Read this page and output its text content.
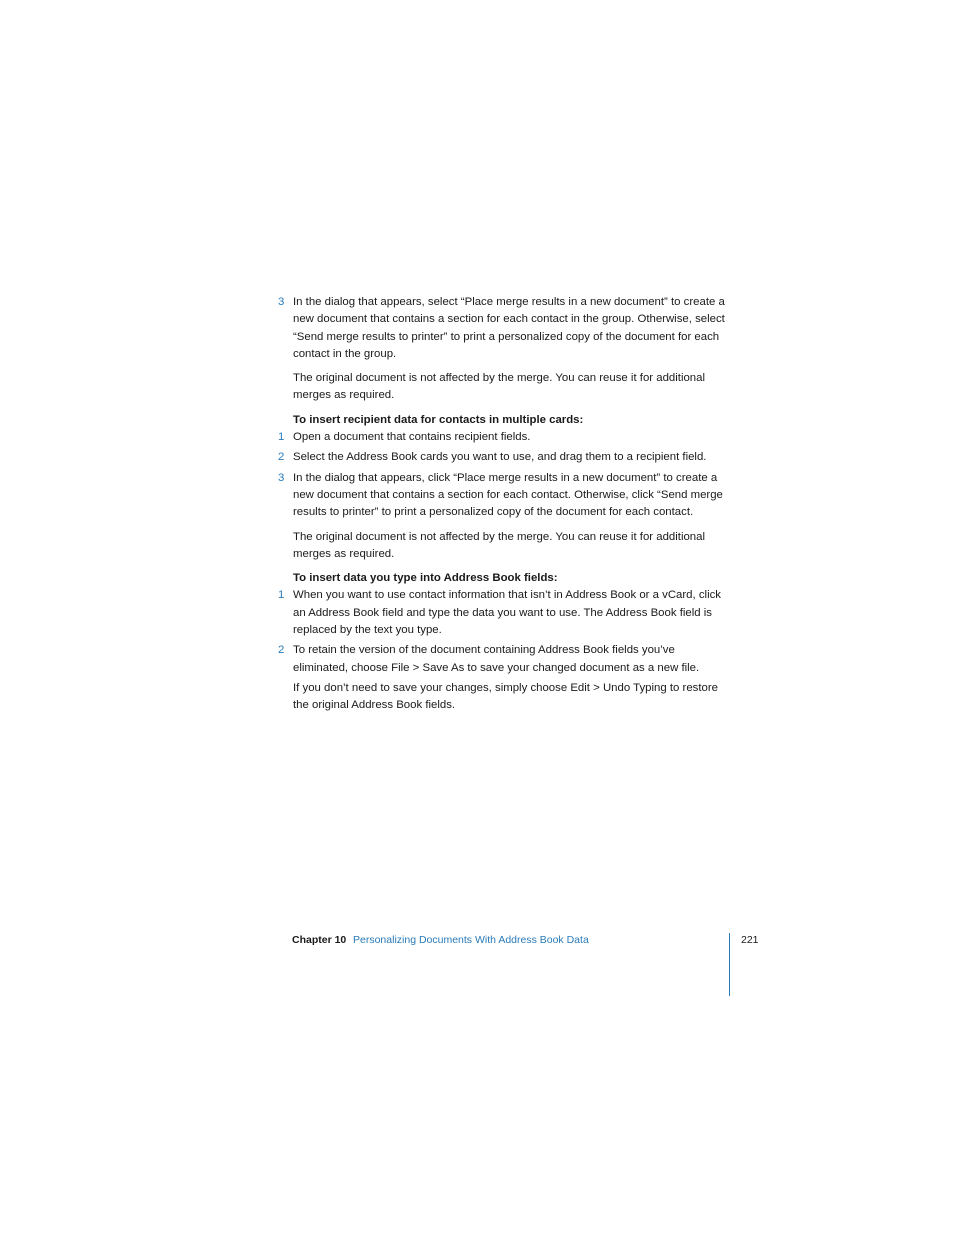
3 In the dialog that appears, select “Place merge results in a new document” to create a new document that contains a section for each contact in the group. Otherwise, select “Send merge results to printer” to print a personalized copy of the document for each contact in the group.
The original document is not affected by the merge. You can reuse it for additional merges as required.
To insert recipient data for contacts in multiple cards:
1 Open a document that contains recipient fields.
2 Select the Address Book cards you want to use, and drag them to a recipient field.
3 In the dialog that appears, click “Place merge results in a new document” to create a new document that contains a section for each contact. Otherwise, click “Send merge results to printer” to print a personalized copy of the document for each contact.
The original document is not affected by the merge. You can reuse it for additional merges as required.
To insert data you type into Address Book fields:
1 When you want to use contact information that isn’t in Address Book or a vCard, click an Address Book field and type the data you want to use. The Address Book field is replaced by the text you type.
2 To retain the version of the document containing Address Book fields you’ve eliminated, choose File > Save As to save your changed document as a new file.
If you don’t need to save your changes, simply choose Edit > Undo Typing to restore the original Address Book fields.
Chapter 10 Personalizing Documents With Address Book Data	221
